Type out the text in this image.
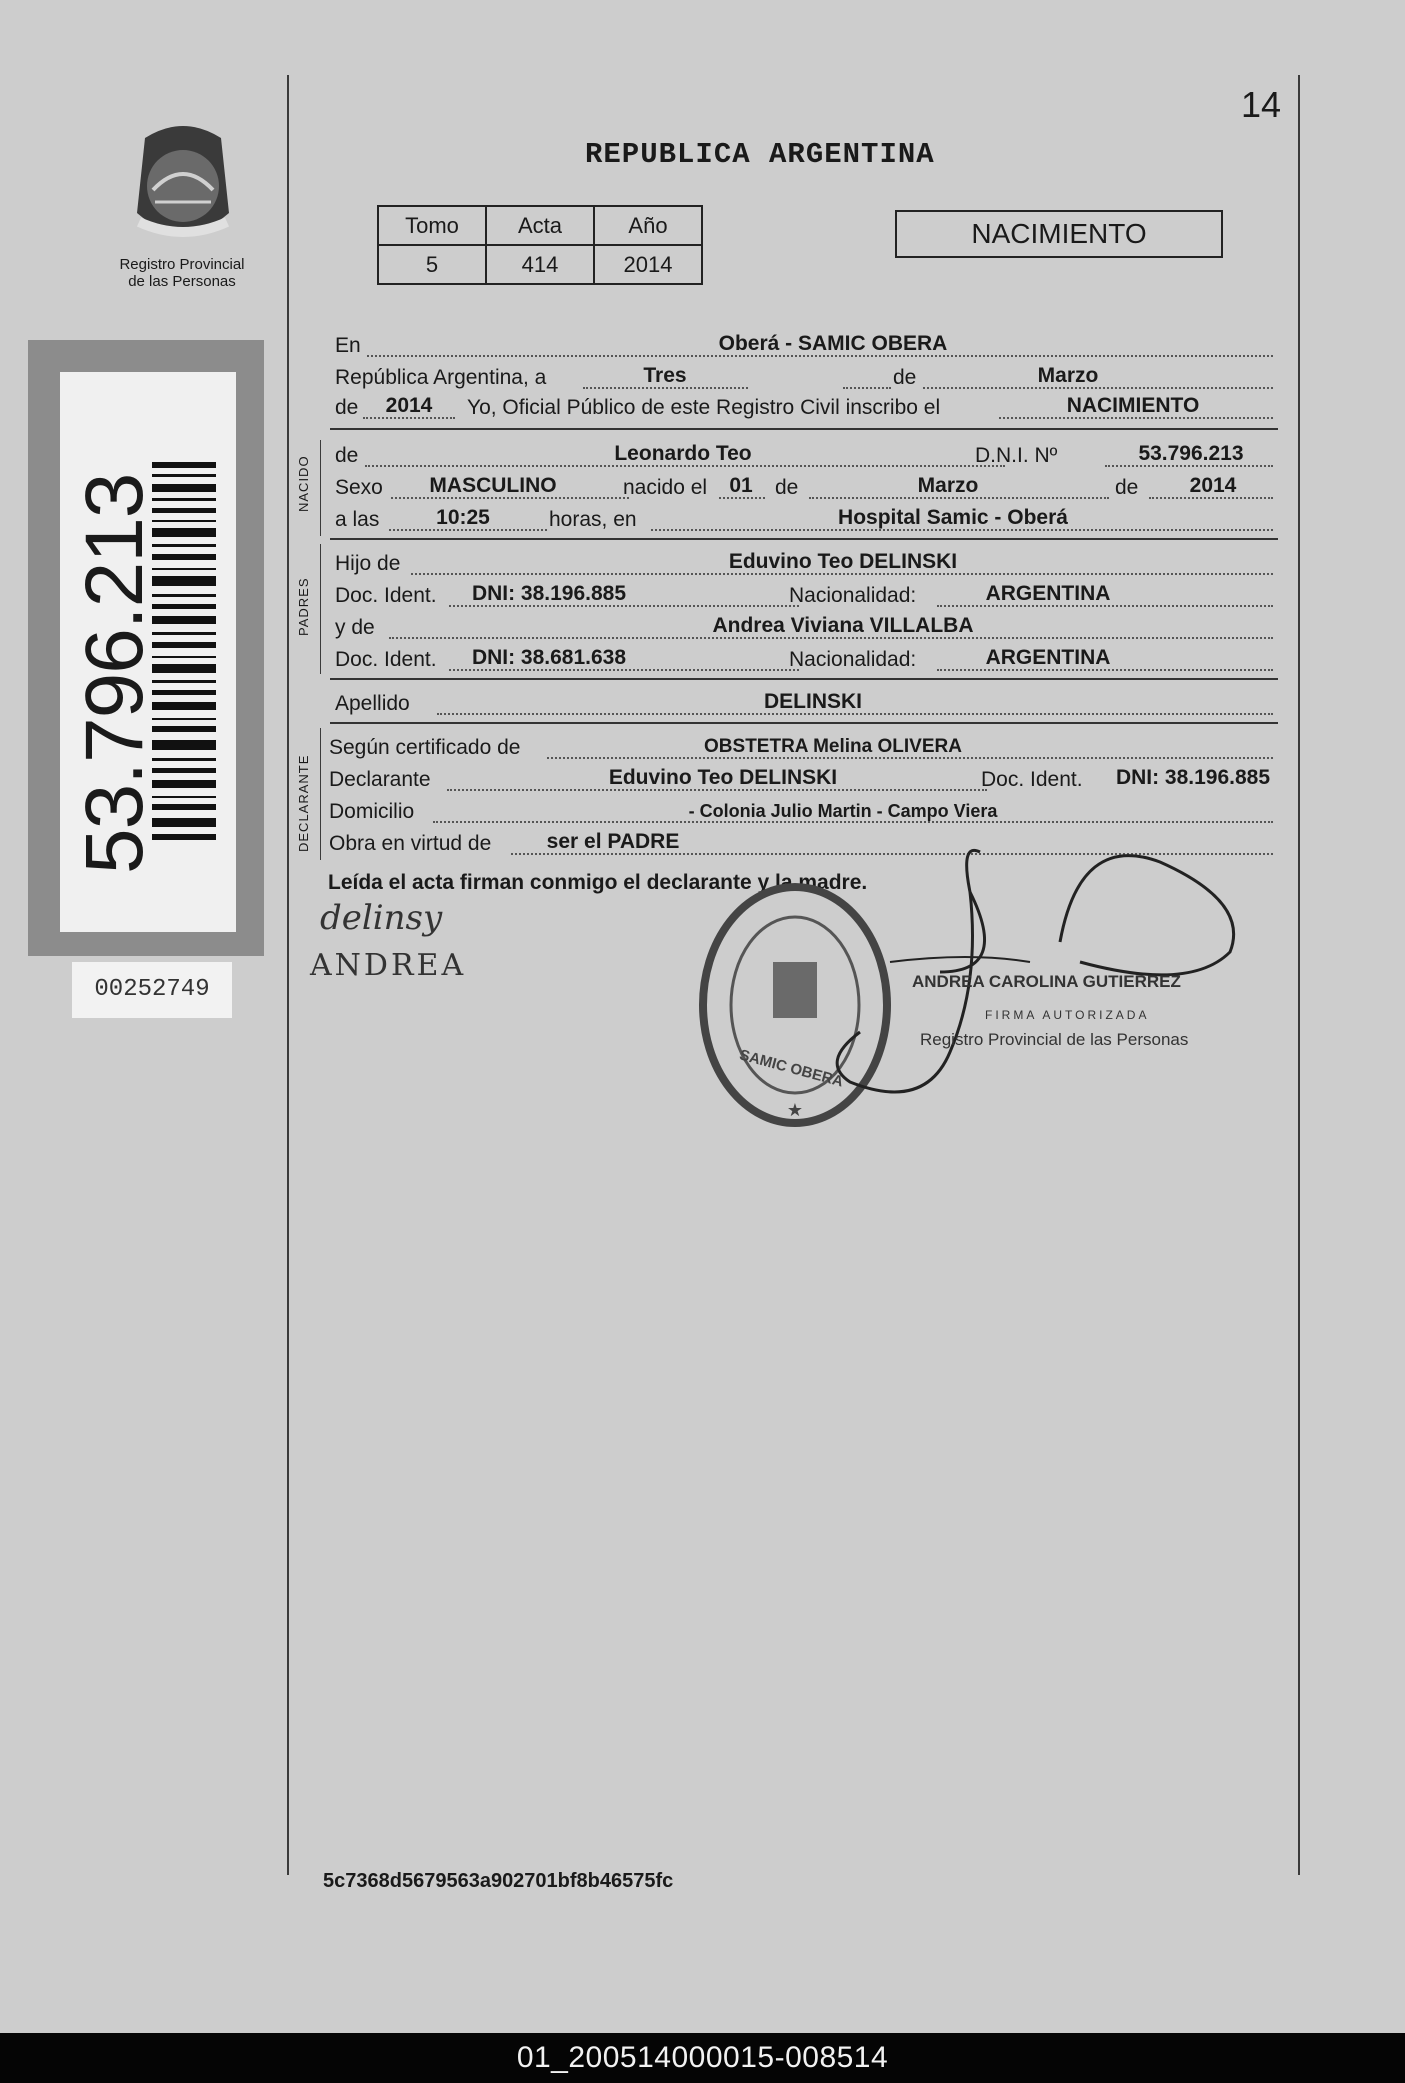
14
REPUBLICA ARGENTINA
Registro Provincial
de las Personas
Tomo	Acta	Año
5	414	2014
NACIMIENTO
53.796.213
00252749
NACIDO
PADRES
DECLARANTE
En	Oberá - SAMIC OBERA
República Argentina, a	Tres	de	Marzo
de	2014	Yo, Oficial Público de este Registro Civil inscribo el	NACIMIENTO
de	Leonardo Teo	D.N.I. Nº	53.796.213
Sexo	MASCULINO	nacido el	01	de	Marzo	de	2014
a las	10:25	horas, en	Hospital Samic - Oberá
Hijo de	Eduvino Teo DELINSKI
Doc. Ident.	DNI: 38.196.885	Nacionalidad:	ARGENTINA
y de	Andrea Viviana VILLALBA
Doc. Ident.	DNI: 38.681.638	Nacionalidad:	ARGENTINA
Apellido	DELINSKI
Según certificado de	OBSTETRA Melina OLIVERA
Declarante	Eduvino Teo DELINSKI	Doc. Ident.	DNI: 38.196.885
Domicilio	- Colonia Julio Martin - Campo Viera
Obra en virtud de	ser el PADRE
Leída el acta firman conmigo el declarante y la madre.
delinsy
ANDREA
★
SAMIC OBERA
ANDREA CAROLINA GUTIERREZ
FIRMA AUTORIZADA
Registro Provincial de las Personas
5c7368d5679563a902701bf8b46575fc
01_200514000015-008514
